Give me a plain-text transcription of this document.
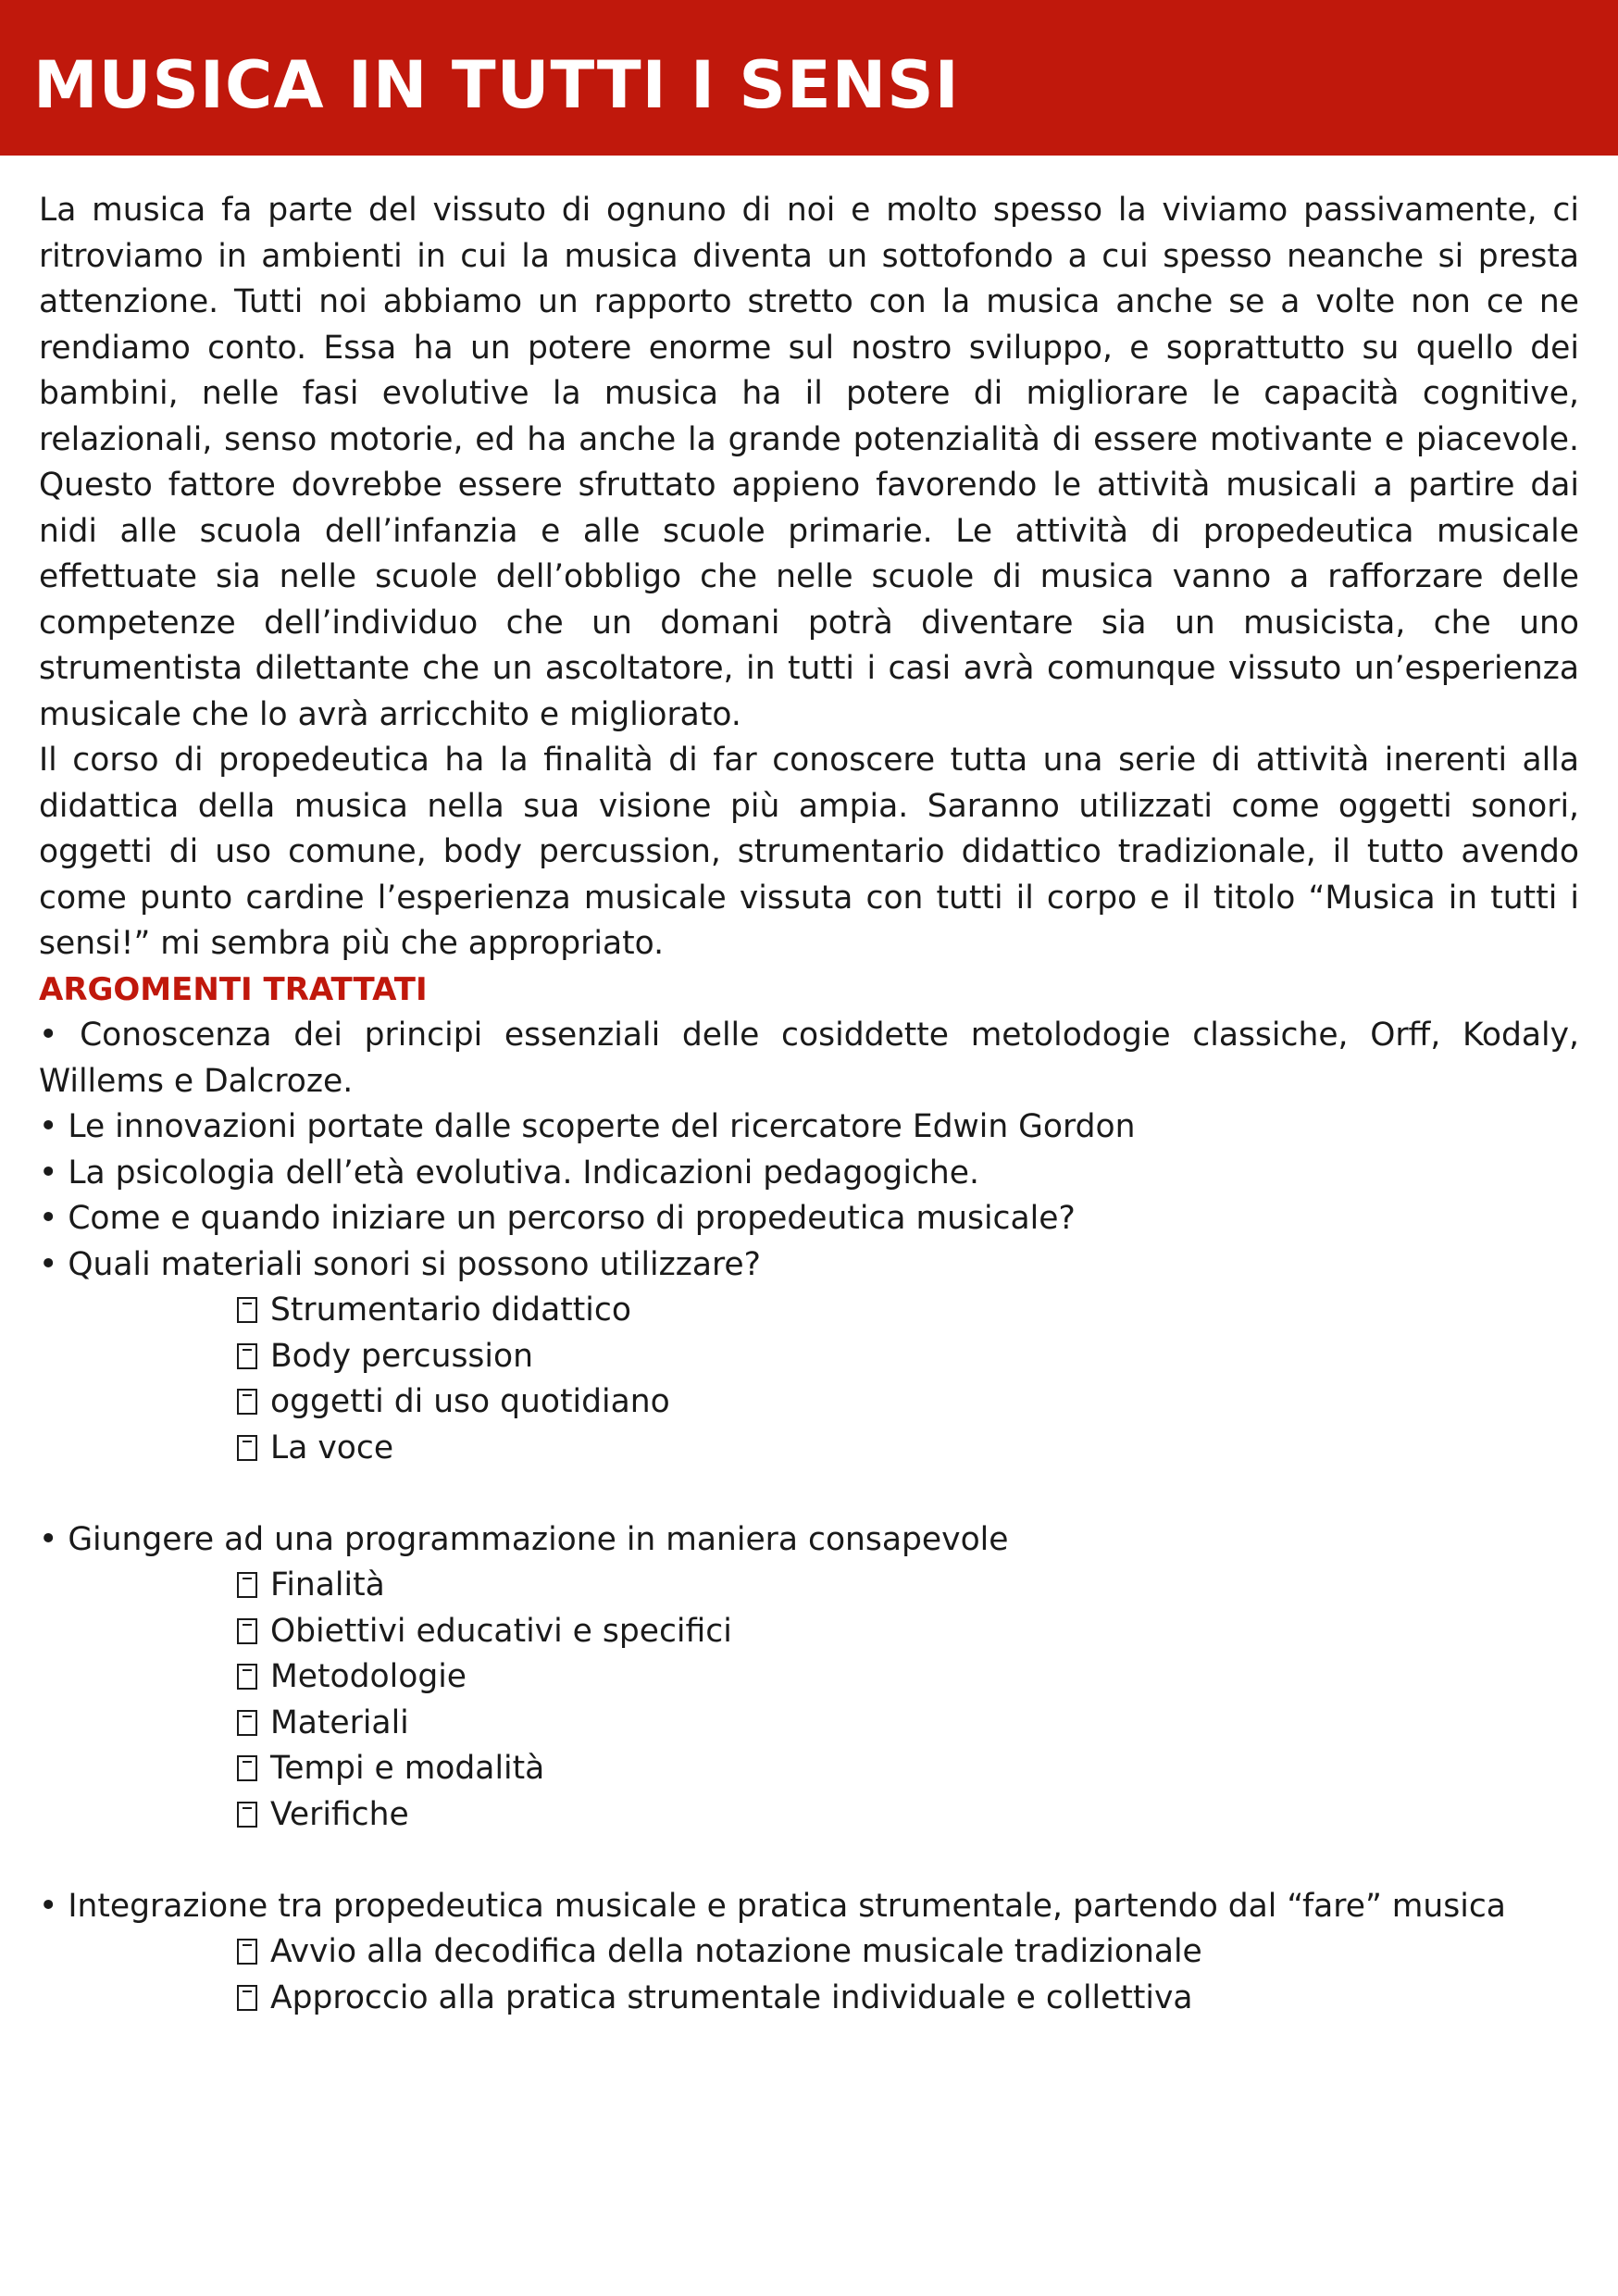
MUSICA IN TUTTI I SENSI

La musica fa parte del vissuto di ognuno di noi e molto spesso la viviamo passivamente, ci ritroviamo in ambienti in cui la musica diventa un sottofondo a cui spesso neanche si presta attenzione. Tutti noi abbiamo un rapporto stretto con la musica anche se a volte non ce ne rendiamo conto. Essa ha un potere enorme sul nostro sviluppo, e soprattutto su quello dei bambini, nelle fasi evolutive la musica ha il potere di migliorare le capacità cognitive, relazionali, senso motorie, ed ha anche la grande potenzialità di essere motivante e piacevole. Questo fattore dovrebbe essere sfruttato appieno favorendo le attività musicali a partire dai nidi alle scuola dell’infanzia e alle scuole primarie. Le attività di propedeutica musicale effettuate sia nelle scuole dell’obbligo che nelle scuole di musica vanno a rafforzare delle competenze dell’individuo che un domani potrà diventare sia un musicista, che uno strumentista dilettante che un ascoltatore, in tutti i casi avrà comunque vissuto un’esperienza musicale che lo avrà arricchito e migliorato.

Il corso di propedeutica ha la finalità di far conoscere tutta una serie di attività inerenti alla didattica della musica nella sua visione più ampia. Saranno utilizzati come oggetti sonori, oggetti di uso comune, body percussion, strumentario didattico tradizionale, il tutto avendo come punto cardine l’esperienza musicale vissuta con tutti il corpo e il titolo “Musica in tutti i sensi!” mi sembra più che appropriato.

ARGOMENTI TRATTATI

• Conoscenza dei principi essenziali delle cosiddette metolodogie classiche, Orff, Kodaly, Willems e Dalcroze.

• Le innovazioni portate dalle scoperte del ricercatore Edwin Gordon

• La psicologia dell’età evolutiva. Indicazioni pedagogiche.

• Come e quando iniziare un percorso di propedeutica musicale?

• Quali materiali sonori si possono utilizzare?

Strumentario didattico
Body percussion
oggetti di uso quotidiano
La voce

• Giungere ad una programmazione in maniera consapevole

Finalità
Obiettivi educativi e specifici
Metodologie
Materiali
Tempi e modalità
Verifiche

• Integrazione tra propedeutica musicale e pratica strumentale, partendo dal “fare” musica

Avvio alla decodifica della notazione musicale tradizionale
Approccio alla pratica strumentale individuale e collettiva
